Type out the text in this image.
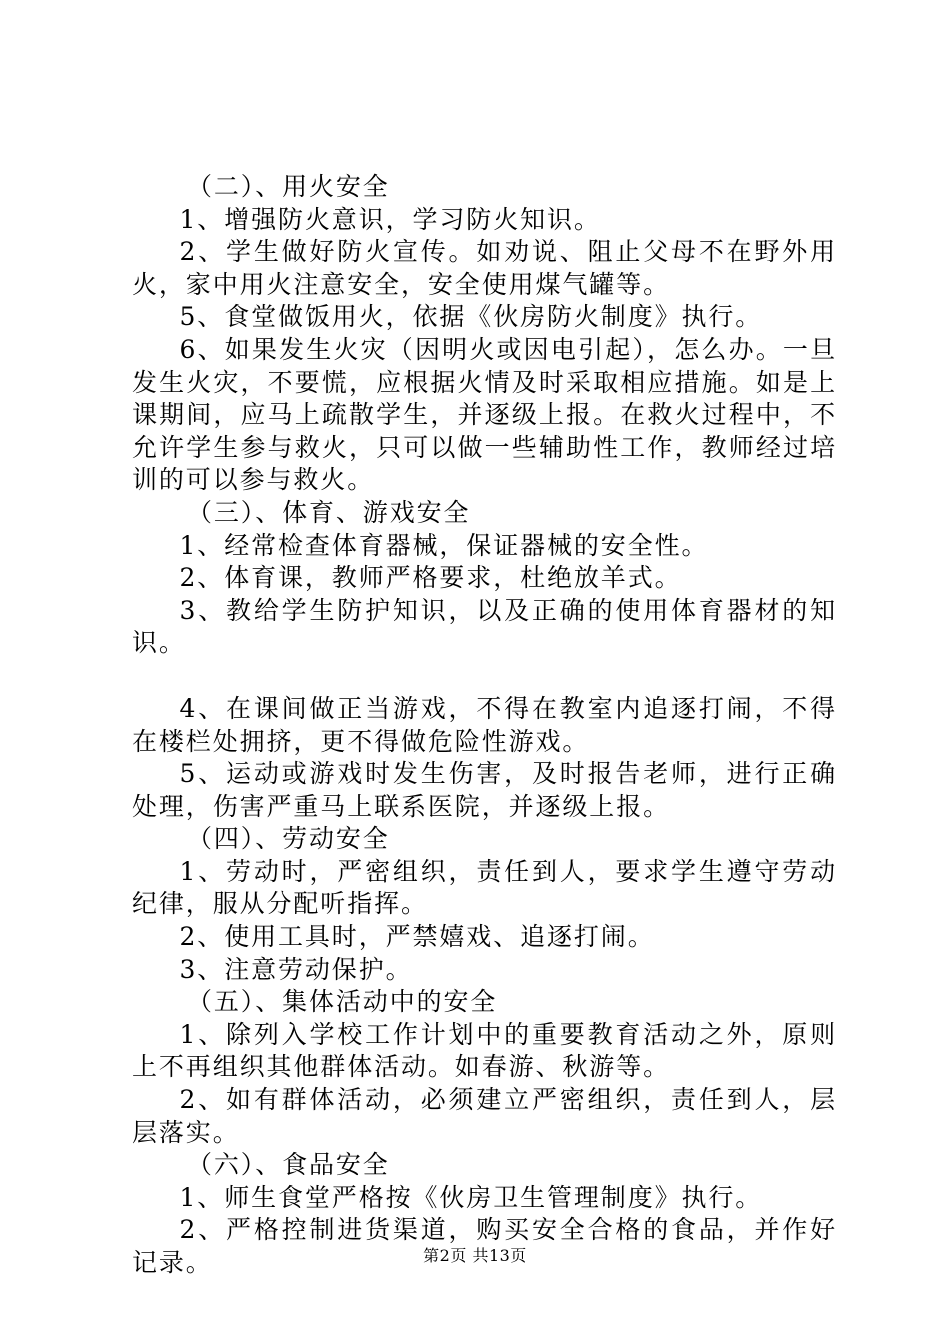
（二）、用火安全

1、增强防火意识，学习防火知识。

2、学生做好防火宣传。如劝说、阻止父母不在野外用火，家中用火注意安全，安全使用煤气罐等。

5、食堂做饭用火，依据《伙房防火制度》执行。

6、如果发生火灾（因明火或因电引起），怎么办。一旦发生火灾，不要慌，应根据火情及时采取相应措施。如是上课期间，应马上疏散学生，并逐级上报。在救火过程中，不允许学生参与救火，只可以做一些辅助性工作，教师经过培训的可以参与救火。

（三）、体育、游戏安全

1、经常检查体育器械，保证器械的安全性。

2、体育课，教师严格要求，杜绝放羊式。

3、教给学生防护知识，以及正确的使用体育器材的知识。

4、在课间做正当游戏，不得在教室内追逐打闹，不得在楼栏处拥挤，更不得做危险性游戏。

5、运动或游戏时发生伤害，及时报告老师，进行正确处理，伤害严重马上联系医院，并逐级上报。

（四）、劳动安全

1、劳动时，严密组织，责任到人，要求学生遵守劳动纪律，服从分配听指挥。

2、使用工具时，严禁嬉戏、追逐打闹。

3、注意劳动保护。

（五）、集体活动中的安全

1、除列入学校工作计划中的重要教育活动之外，原则上不再组织其他群体活动。如春游、秋游等。

2、如有群体活动，必须建立严密组织，责任到人，层层落实。

（六）、食品安全

1、师生食堂严格按《伙房卫生管理制度》执行。

2、严格控制进货渠道，购买安全合格的食品，并作好记录。	第2页 共13页
